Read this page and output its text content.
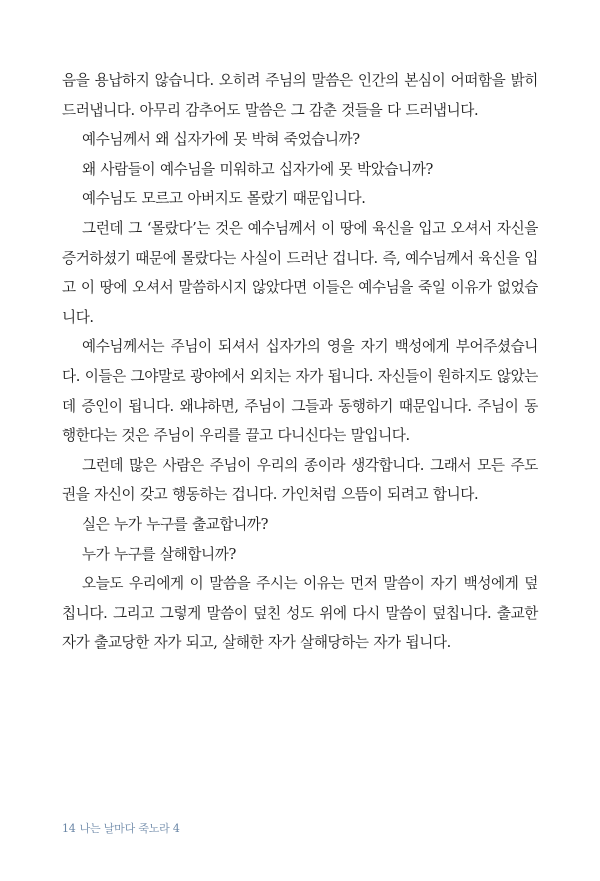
음을 용납하지 않습니다. 오히려 주님의 말씀은 인간의 본심이 어떠함을 밝히 드러냅니다. 아무리 감추어도 말씀은 그 감춘 것들을 다 드러냅니다.

예수님께서 왜 십자가에 못 박혀 죽었습니까?

왜 사람들이 예수님을 미워하고 십자가에 못 박았습니까?

예수님도 모르고 아버지도 몰랐기 때문입니다.

그런데 그 ‘몰랐다’는 것은 예수님께서 이 땅에 육신을 입고 오셔서 자신을 증거하셨기 때문에 몰랐다는 사실이 드러난 겁니다. 즉, 예수님께서 육신을 입고 이 땅에 오셔서 말씀하시지 않았다면 이들은 예수님을 죽일 이유가 없었습니다.

예수님께서는 주님이 되셔서 십자가의 영을 자기 백성에게 부어주셨습니다. 이들은 그야말로 광야에서 외치는 자가 됩니다. 자신들이 원하지도 않았는데 증인이 됩니다. 왜냐하면, 주님이 그들과 동행하기 때문입니다. 주님이 동행한다는 것은 주님이 우리를 끌고 다니신다는 말입니다.

그런데 많은 사람은 주님이 우리의 종이라 생각합니다. 그래서 모든 주도권을 자신이 갖고 행동하는 겁니다. 가인처럼 으뜸이 되려고 합니다.

실은 누가 누구를 출교합니까?

누가 누구를 살해합니까?

오늘도 우리에게 이 말씀을 주시는 이유는 먼저 말씀이 자기 백성에게 덮칩니다. 그리고 그렇게 말씀이 덮친 성도 위에 다시 말씀이 덮칩니다. 출교한 자가 출교당한 자가 되고, 살해한 자가 살해당하는 자가 됩니다.

14 나는 날마다 죽노라 4
